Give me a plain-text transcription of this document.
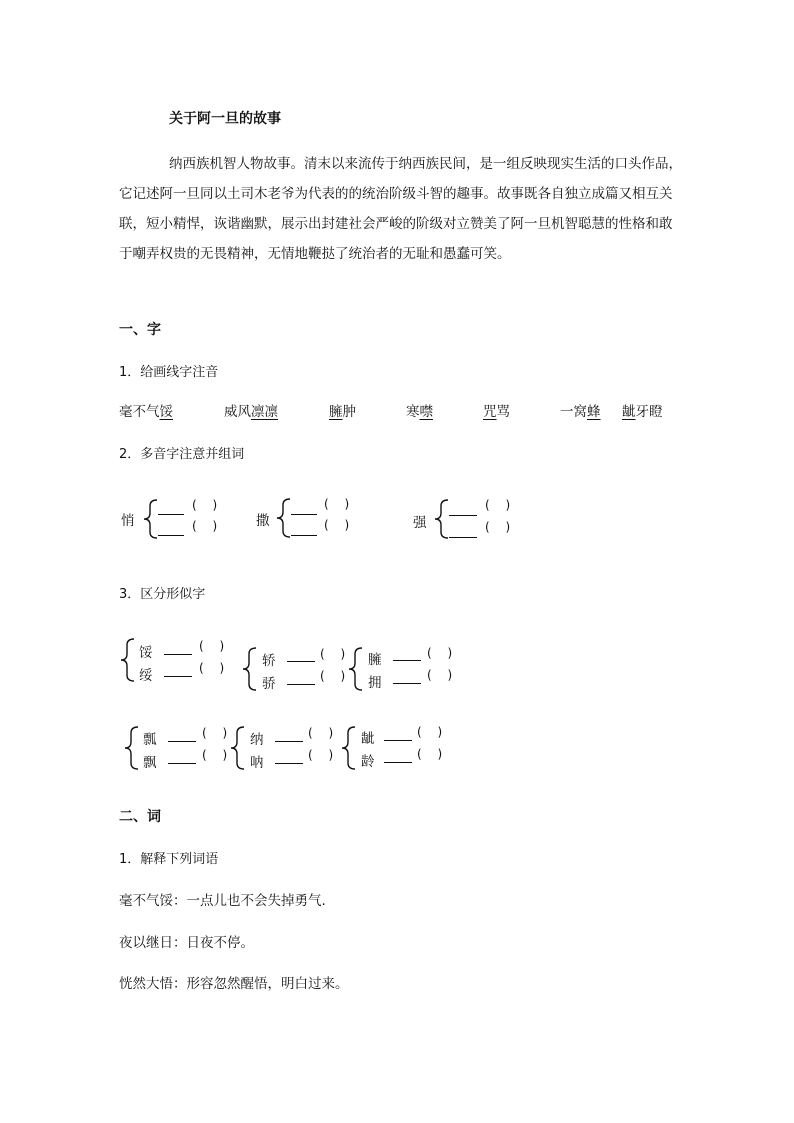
关于阿一旦的故事
纳西族机智人物故事。清末以来流传于纳西族民间，是一组反映现实生活的口头作品，它记述阿一旦同以土司木老爷为代表的的统治阶级斗智的趣事。故事既各自独立成篇又相互关联，短小精悍，诙谐幽默，展示出封建社会严峻的阶级对立赞美了阿一旦机智聪慧的性格和敢于嘲弄权贵的无畏精神，无情地鞭挞了统治者的无耻和愚蠢可笑。
一、字
1．给画线字注音
毫不气馁	威风凛凛	臃肿	寒噤	咒骂	一窝蜂 龇牙瞪
2．多音字注意并组词
悄
( )
( ) 撒
( )
( )	强
( )
( )
3．区分形似字
馁
绥
( )
( ) 轿
骄
( )
( )
臃
拥
( )
( )
瓢
飘
( )
( )
纳
呐
( )
( )
龇
龄
( )
( )
二、词
1．解释下列词语
毫不气馁：一点儿也不会失掉勇气.
夜以继日：日夜不停。
恍然大悟：形容忽然醒悟，明白过来。
